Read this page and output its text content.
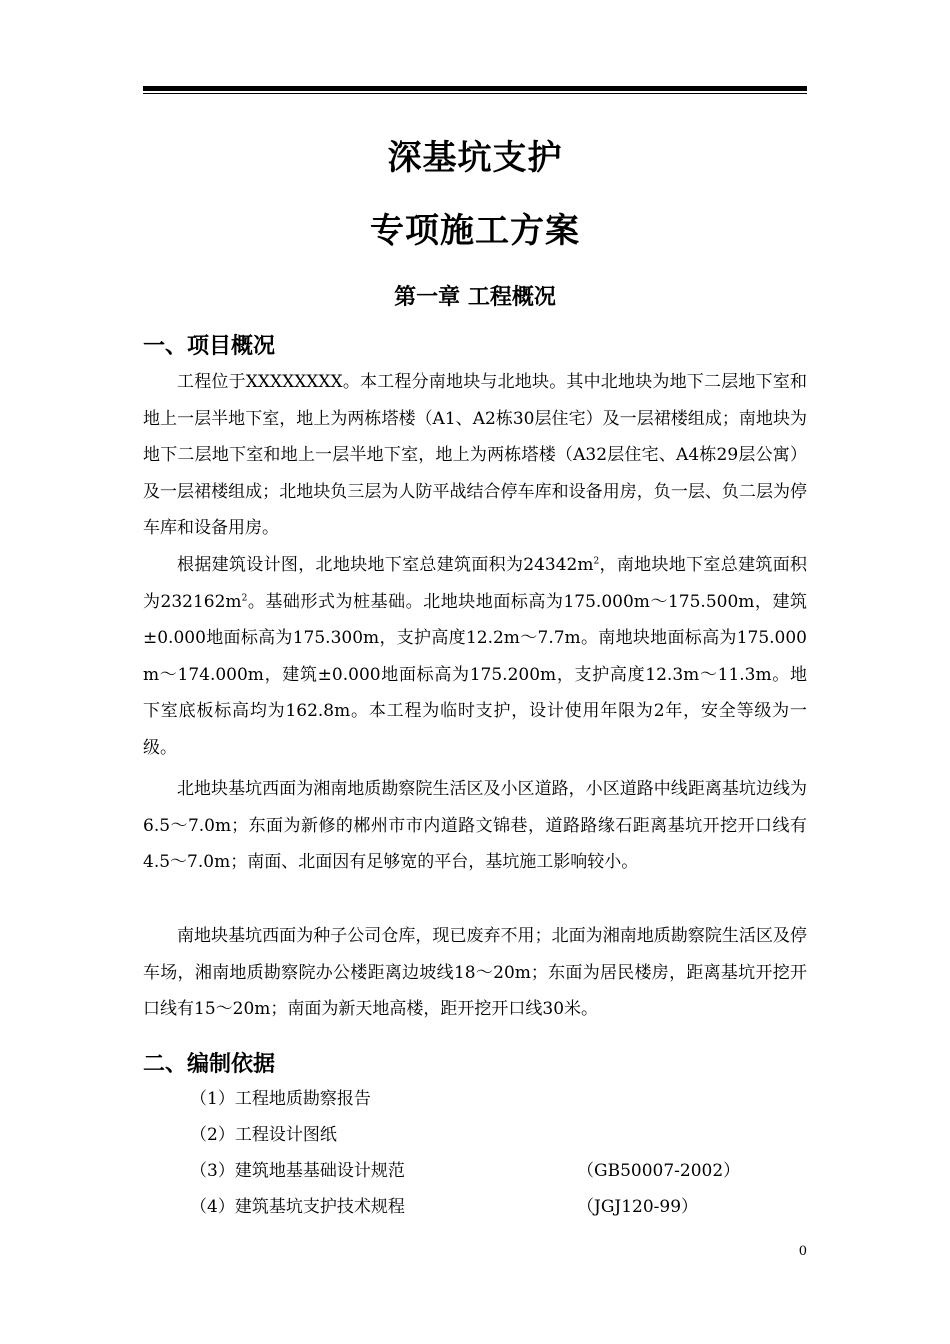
深基坑支护
专项施工方案
第一章 工程概况
一、项目概况

工程位于XXXXXXXX。本工程分南地块与北地块。其中北地块为地下二层地下室和地上一层半地下室，地上为两栋塔楼（A1、A2栋30层住宅）及一层裙楼组成；南地块为地下二层地下室和地上一层半地下室，地上为两栋塔楼（A32层住宅、A4栋29层公寓）及一层裙楼组成；北地块负三层为人防平战结合停车库和设备用房，负一层、负二层为停车库和设备用房。

根据建筑设计图，北地块地下室总建筑面积为$24342m^2$，南地块地下室总建筑面积为$232162m^2$。基础形式为桩基础。北地块地面标高为175.000m～175.500m，建筑±0.000地面标高为175.300m，支护高度12.2m～7.7m。南地块地面标高为175.000m～174.000m，建筑±0.000地面标高为175.200m，支护高度12.3m～11.3m。地下室底板标高均为162.8m。本工程为临时支护，设计使用年限为2年，安全等级为一级。

北地块基坑西面为湘南地质勘察院生活区及小区道路，小区道路中线距离基坑边线为6.5～7.0m；东面为新修的郴州市市内道路文锦巷，道路路缘石距离基坑开挖开口线有4.5～7.0m；南面、北面因有足够宽的平台，基坑施工影响较小。

南地块基坑西面为种子公司仓库，现已废弃不用；北面为湘南地质勘察院生活区及停车场，湘南地质勘察院办公楼距离边坡线18～20m；东面为居民楼房，距离基坑开挖开口线有15～20m；南面为新天地高楼，距开挖开口线30米。

二、编制依据
（1）工程地质勘察报告
（2）工程设计图纸
（3）建筑地基基础设计规范	（GB50007-2002）
（4）建筑基坑支护技术规程	（JGJ120-99）
0
